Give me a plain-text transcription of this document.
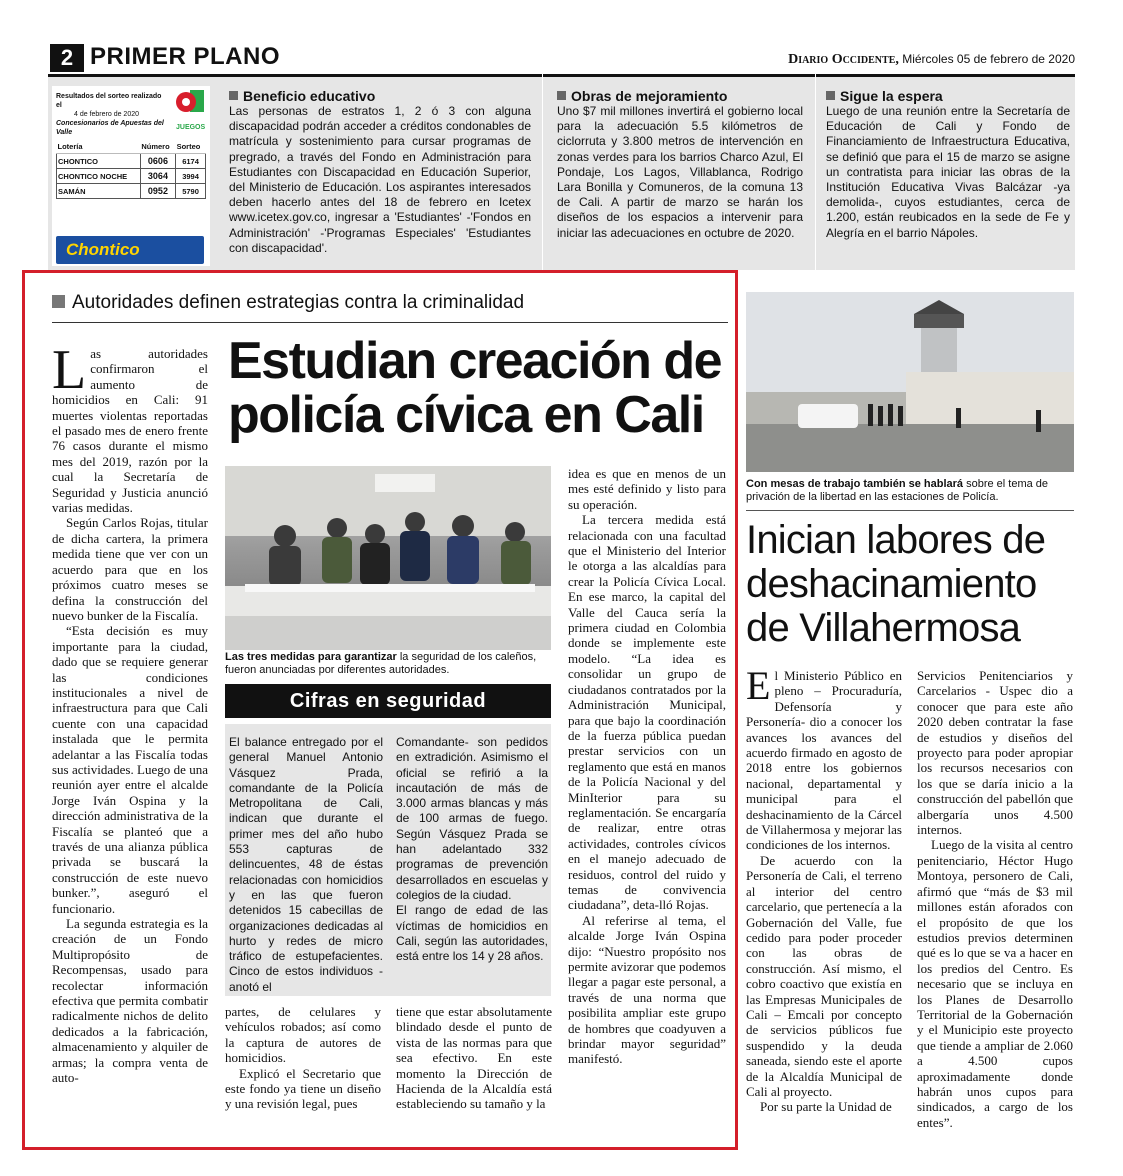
2 PRIMER PLANO	Diario Occidente, Miércoles 05 de febrero de 2020
Resultados del sorteo realizado el
4 de febrero de 2020
Concesionarios de Apuestas del Valle
JUEGOS
Lotería	Número	Sorteo
CHONTICO	0606	6174
CHONTICO NOCHE	3064	3994
SAMÁN	0952	5790
Chontico
Beneficio educativo

Las personas de estratos 1, 2 ó 3 con alguna discapacidad podrán acceder a créditos condonables de matrícula y sostenimiento para cursar programas de pregrado, a través del Fondo en Administración para Estudiantes con Discapacidad en Educación Superior, del Ministerio de Educación. Los aspirantes interesados deben hacerlo antes del 18 de febrero en Icetex www.icetex.gov.co, ingresar a 'Estudiantes' -'Fondos en Administración' -'Programas Especiales' 'Estudiantes con discapacidad'.

Obras de mejoramiento

Uno $7 mil millones invertirá el gobierno local para la adecuación 5.5 kilómetros de ciclorruta y 3.800 metros de intervención en zonas verdes para los barrios Charco Azul, El Pondaje, Los Lagos, Villablanca, Rodrigo Lara Bonilla y Comuneros, de la comuna 13 de Cali. A partir de marzo se harán los diseños de los espacios a intervenir para iniciar las adecuaciones en octubre de 2020.

Sigue la espera

Luego de una reunión entre la Secretaría de Educación de Cali y Fondo de Financiamiento de Infraestructura Educativa, se definió que para el 15 de marzo se asigne un contratista para iniciar las obras de la Institución Educativa Vivas Balcázar -ya demolida-, cuyos estudiantes, cerca de 1.200, están reubicados en la sede de Fe y Alegría en el barrio Nápoles.

Autoridades definen estrategias contra la criminalidad
Estudian creación de policía cívica en Cali

Las autoridades confirmaron el aumento de homicidios en Cali: 91 muertes violentas reportadas el pasado mes de enero frente 76 casos durante el mismo mes del 2019, razón por la cual la Secretaría de Seguridad y Justicia anunció varias medidas.

Según Carlos Rojas, titular de dicha cartera, la primera medida tiene que ver con un acuerdo para que en los próximos cuatro meses se defina la construcción del nuevo bunker de la Fiscalía.

“Esta decisión es muy importante para la ciudad, dado que se requiere generar las condiciones institucionales a nivel de infraestructura para que Cali cuente con una capacidad instalada que le permita adelantar a las Fiscalía todas sus actividades. Luego de una reunión ayer entre el alcalde Jorge Iván Ospina y la dirección administrativa de la Fiscalía se planteó que a través de una alianza pública privada se buscará la construcción de este nuevo bunker.”, aseguró el funcionario.

La segunda estrategia es la creación de un Fondo Multipropósito de Recompensas, usado para recolectar información efectiva que permita combatir radicalmente nichos de delito dedicados a la fabricación, almacenamiento y alquiler de armas; la compra venta de auto-

Las tres medidas para garantizar la seguridad de los caleños, fueron anunciadas por diferentes autoridades.
Cifras en seguridad

El balance entregado por el general Manuel Antonio Vásquez Prada, comandante de la Policía Metropolitana de Cali, indican que durante el primer mes del año hubo 553 capturas de delincuentes, 48 de éstas relacionadas con homicidios y en las que fueron detenidos 15 cabecillas de organizaciones dedicadas al hurto y redes de micro tráfico de estupefacientes. Cinco de estos individuos -anotó el

Comandante- son pedidos en extradición. Asimismo el oficial se refirió a la incautación de más de 3.000 armas blancas y más de 100 armas de fuego. Según Vásquez Prada se han adelantado 332 programas de prevención desarrollados en escuelas y colegios de la ciudad.

El rango de edad de las víctimas de homicidios en Cali, según las autoridades, está entre los 14 y 28 años.

partes, de celulares y vehículos robados; así como la captura de autores de homicidios.

Explicó el Secretario que este fondo ya tiene un diseño y una revisión legal, pues

tiene que estar absolutamente blindado desde el punto de vista de las normas para que sea efectivo. En este momento la Dirección de Hacienda de la Alcaldía está estableciendo su tamaño y la

idea es que en menos de un mes esté definido y listo para su operación.

La tercera medida está relacionada con una facultad que el Ministerio del Interior le otorga a las alcaldías para crear la Policía Cívica Local. En ese marco, la capital del Valle del Cauca sería la primera ciudad en Colombia donde se implemente este modelo. “La idea es consolidar un grupo de ciudadanos contratados por la Administración Municipal, para que bajo la coordinación de la fuerza pública puedan prestar servicios con un reglamento que está en manos de la Policía Nacional y del MinIterior para su reglamentación. Se encargaría de realizar, entre otras actividades, controles cívicos en el manejo adecuado de residuos, control del ruido y temas de convivencia ciudadana”, deta-lló Rojas.

Al referirse al tema, el alcalde Jorge Iván Ospina dijo: “Nuestro propósito nos permite avizorar que podemos llegar a pagar este personal, a través de una norma que posibilita ampliar este grupo de hombres que coadyuven a brindar mayor seguridad” manifestó.

Con mesas de trabajo también se hablará sobre el tema de privación de la libertad en las estaciones de Policía.
Inician labores de deshacinamiento de Villahermosa

El Ministerio Público en pleno – Procuraduría, Defensoría y Personería- dio a conocer los avances los avances del acuerdo firmado en agosto de 2018 entre los gobiernos nacional, departamental y municipal para el deshacinamiento de la Cárcel de Villahermosa y mejorar las condiciones de los internos.

De acuerdo con la Personería de Cali, el terreno al interior del centro carcelario, que pertenecía a la Gobernación del Valle, fue cedido para poder proceder con las obras de construcción. Así mismo, el cobro coactivo que existía en las Empresas Municipales de Cali – Emcali por concepto de servicios públicos fue suspendido y la deuda saneada, siendo este el aporte de la Alcaldía Municipal de Cali al proyecto.

Por su parte la Unidad de

Servicios Penitenciarios y Carcelarios - Uspec dio a conocer que para este año 2020 deben contratar la fase de estudios y diseños del proyecto para poder apropiar los recursos necesarios con los que se daría inicio a la construcción del pabellón que albergaría unos 4.500 internos.

Luego de la visita al centro penitenciario, Héctor Hugo Montoya, personero de Cali, afirmó que “más de $3 mil millones están aforados con el propósito de que los estudios previos determinen qué es lo que se va a hacer en los predios del Centro. Es necesario que se incluya en los Planes de Desarrollo Territorial de la Gobernación y el Municipio este proyecto que tiende a ampliar de 2.060 a 4.500 cupos aproximadamente donde habrán unos cupos para sindicados, a cargo de los entes”.
